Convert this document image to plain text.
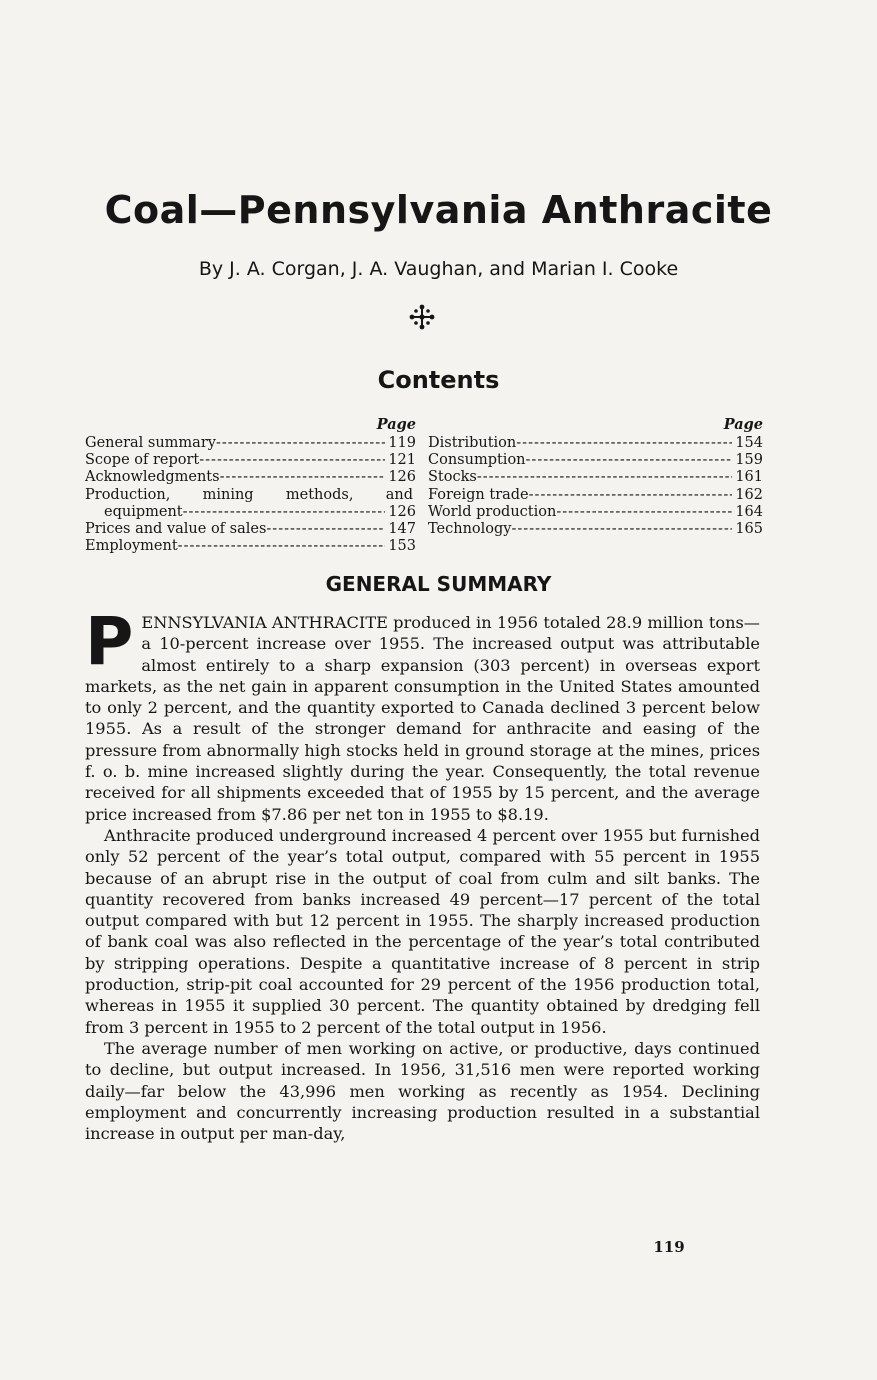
Coal—Pennsylvania Anthracite
By J. A. Corgan, J. A. Vaughan, and Marian I. Cooke
Contents
Page
General summary -----	119
Scope of report -----	121
Acknowledgments -----	126
Production, mining methods, and
equipment -----	126
Prices and value of sales -----	147
Employment -----	153
Page
Distribution -----	154
Consumption -----	159
Stocks -----	161
Foreign trade -----	162
World production -----	164
Technology -----	165
GENERAL SUMMARY

PENNSYLVANIA ANTHRACITE produced in 1956 totaled 28.9 million tons—a 10-percent increase over 1955. The increased output was attributable almost entirely to a sharp expansion (303 percent) in overseas export markets, as the net gain in apparent consumption in the United States amounted to only 2 percent, and the quantity exported to Canada declined 3 percent below 1955. As a result of the stronger demand for anthracite and easing of the pressure from abnormally high stocks held in ground storage at the mines, prices f. o. b. mine increased slightly during the year. Consequently, the total revenue received for all shipments exceeded that of 1955 by 15 percent, and the average price increased from $7.86 per net ton in 1955 to $8.19.

Anthracite produced underground increased 4 percent over 1955 but furnished only 52 percent of the year’s total output, compared with 55 percent in 1955 because of an abrupt rise in the output of coal from culm and silt banks. The quantity recovered from banks increased 49 percent—17 percent of the total output compared with but 12 percent in 1955. The sharply increased production of bank coal was also reflected in the percentage of the year’s total contributed by stripping operations. Despite a quantitative increase of 8 percent in strip production, strip-pit coal accounted for 29 percent of the 1956 production total, whereas in 1955 it supplied 30 percent. The quantity obtained by dredging fell from 3 percent in 1955 to 2 percent of the total output in 1956.

The average number of men working on active, or productive, days continued to decline, but output increased. In 1956, 31,516 men were reported working daily—far below the 43,996 men working as recently as 1954. Declining employment and concurrently increasing production resulted in a substantial increase in output per man-day,

119
